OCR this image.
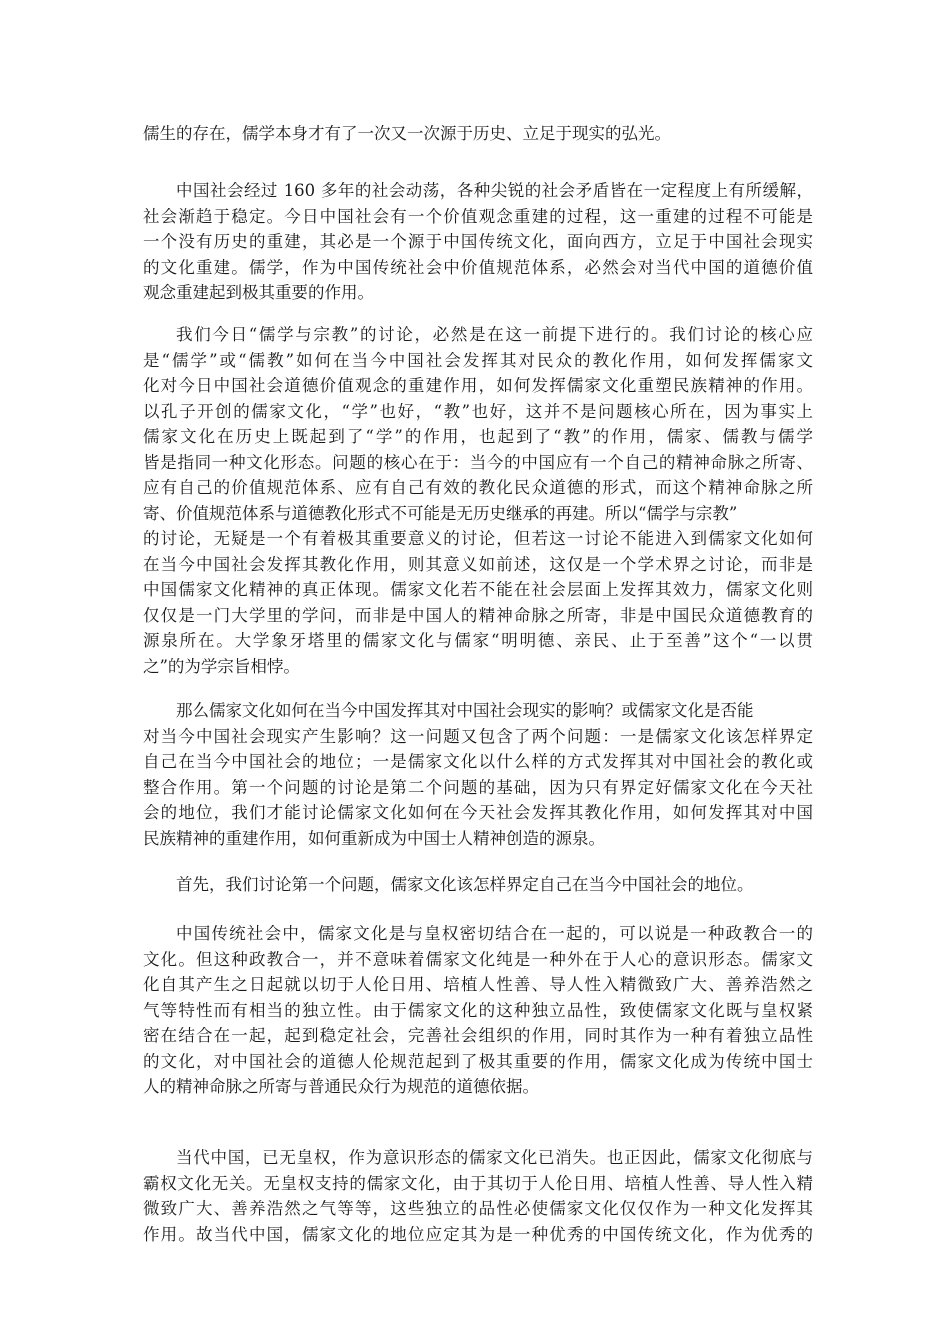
儒生的存在，儒学本身才有了一次又一次源于历史、立足于现实的弘光。
中国社会经过 160 多年的社会动荡，各种尖锐的社会矛盾皆在一定程度上有所缓解，
社会渐趋于稳定。今日中国社会有一个价值观念重建的过程，这一重建的过程不可能是
一个没有历史的重建，其必是一个源于中国传统文化，面向西方，立足于中国社会现实
的文化重建。儒学，作为中国传统社会中价值规范体系，必然会对当代中国的道德价值
观念重建起到极其重要的作用。
我们今日“儒学与宗教”的讨论，必然是在这一前提下进行的。我们讨论的核心应
是“儒学”或“儒教”如何在当今中国社会发挥其对民众的教化作用，如何发挥儒家文
化对今日中国社会道德价值观念的重建作用，如何发挥儒家文化重塑民族精神的作用。
以孔子开创的儒家文化，“学”也好，“教”也好，这并不是问题核心所在，因为事实上
儒家文化在历史上既起到了“学”的作用，也起到了“教”的作用，儒家、儒教与儒学
皆是指同一种文化形态。问题的核心在于：当今的中国应有一个自己的精神命脉之所寄、
应有自己的价值规范体系、应有自己有效的教化民众道德的形式，而这个精神命脉之所
寄、价值规范体系与道德教化形式不可能是无历史继承的再建。所以“儒学与宗教”
的讨论，无疑是一个有着极其重要意义的讨论，但若这一讨论不能进入到儒家文化如何
在当今中国社会发挥其教化作用，则其意义如前述，这仅是一个学术界之讨论，而非是
中国儒家文化精神的真正体现。儒家文化若不能在社会层面上发挥其效力，儒家文化则
仅仅是一门大学里的学问，而非是中国人的精神命脉之所寄，非是中国民众道德教育的
源泉所在。大学象牙塔里的儒家文化与儒家“明明德、亲民、止于至善”这个“一以贯
之”的为学宗旨相悖。
那么儒家文化如何在当今中国发挥其对中国社会现实的影响？或儒家文化是否能
对当今中国社会现实产生影响？这一问题又包含了两个问题：一是儒家文化该怎样界定
自己在当今中国社会的地位；一是儒家文化以什么样的方式发挥其对中国社会的教化或
整合作用。第一个问题的讨论是第二个问题的基础，因为只有界定好儒家文化在今天社
会的地位，我们才能讨论儒家文化如何在今天社会发挥其教化作用，如何发挥其对中国
民族精神的重建作用，如何重新成为中国士人精神创造的源泉。
首先，我们讨论第一个问题，儒家文化该怎样界定自己在当今中国社会的地位。
中国传统社会中，儒家文化是与皇权密切结合在一起的，可以说是一种政教合一的
文化。但这种政教合一，并不意味着儒家文化纯是一种外在于人心的意识形态。儒家文
化自其产生之日起就以切于人伦日用、培植人性善、导人性入精微致广大、善养浩然之
气等特性而有相当的独立性。由于儒家文化的这种独立品性，致使儒家文化既与皇权紧
密在结合在一起，起到稳定社会，完善社会组织的作用，同时其作为一种有着独立品性
的文化，对中国社会的道德人伦规范起到了极其重要的作用，儒家文化成为传统中国士
人的精神命脉之所寄与普通民众行为规范的道德依据。
当代中国，已无皇权，作为意识形态的儒家文化已消失。也正因此，儒家文化彻底与
霸权文化无关。无皇权支持的儒家文化，由于其切于人伦日用、培植人性善、导人性入精
微致广大、善养浩然之气等等，这些独立的品性必使儒家文化仅仅作为一种文化发挥其
作用。故当代中国，儒家文化的地位应定其为是一种优秀的中国传统文化，作为优秀的
